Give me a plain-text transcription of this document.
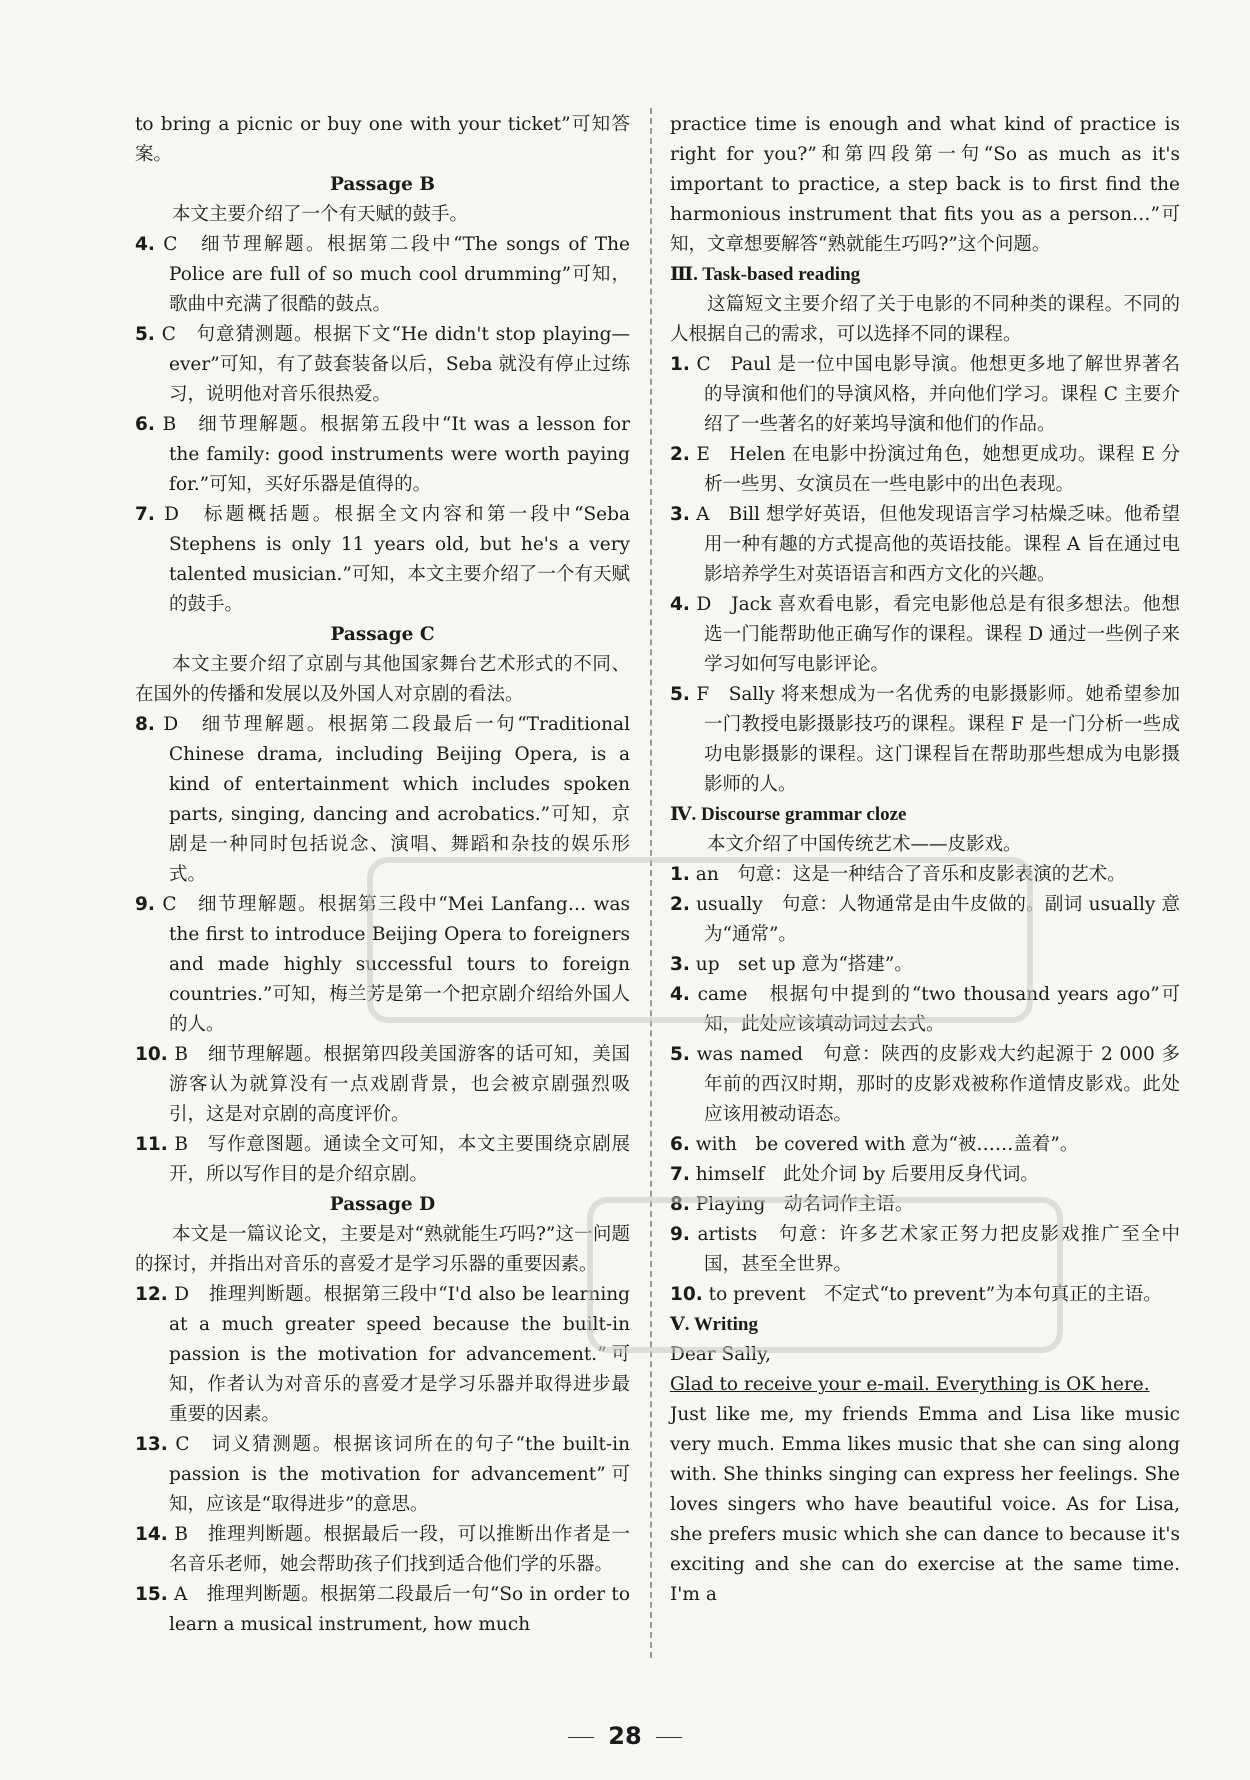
to bring a picnic or buy one with your ticket”可知答案。

Passage B

本文主要介绍了一个有天赋的鼓手。

4. C　细节理解题。根据第二段中“The songs of The Police are full of so much cool drumming”可知，歌曲中充满了很酷的鼓点。

5. C　句意猜测题。根据下文“He didn't stop playing—ever”可知，有了鼓套装备以后，Seba 就没有停止过练习，说明他对音乐很热爱。

6. B　细节理解题。根据第五段中“It was a lesson for the family: good instruments were worth paying for.”可知，买好乐器是值得的。

7. D　标题概括题。根据全文内容和第一段中“Seba Stephens is only 11 years old, but he's a very talented musician.”可知，本文主要介绍了一个有天赋的鼓手。

Passage C

本文主要介绍了京剧与其他国家舞台艺术形式的不同、在国外的传播和发展以及外国人对京剧的看法。

8. D　细节理解题。根据第二段最后一句“Traditional Chinese drama, including Beijing Opera, is a kind of entertainment which includes spoken parts, singing, dancing and acrobatics.”可知，京剧是一种同时包括说念、演唱、舞蹈和杂技的娱乐形式。

9. C　细节理解题。根据第三段中“Mei Lanfang… was the first to introduce Beijing Opera to foreigners and made highly successful tours to foreign countries.”可知，梅兰芳是第一个把京剧介绍给外国人的人。

10. B　细节理解题。根据第四段美国游客的话可知，美国游客认为就算没有一点戏剧背景，也会被京剧强烈吸引，这是对京剧的高度评价。

11. B　写作意图题。通读全文可知，本文主要围绕京剧展开，所以写作目的是介绍京剧。

Passage D

本文是一篇议论文，主要是对“熟就能生巧吗?”这一问题的探讨，并指出对音乐的喜爱才是学习乐器的重要因素。

12. D　推理判断题。根据第三段中“I'd also be learning at a much greater speed because the built-in passion is the motivation for advancement.”可知，作者认为对音乐的喜爱才是学习乐器并取得进步最重要的因素。

13. C　词义猜测题。根据该词所在的句子“the built-in passion is the motivation for advancement”可知，应该是“取得进步”的意思。

14. B　推理判断题。根据最后一段，可以推断出作者是一名音乐老师，她会帮助孩子们找到适合他们学的乐器。

15. A　推理判断题。根据第二段最后一句“So in order to learn a musical instrument, how much

practice time is enough and what kind of practice is right for you?”和第四段第一句“So as much as it's important to practice, a step back is to first find the harmonious instrument that fits you as a person…”可知，文章想要解答“熟就能生巧吗?”这个问题。

Ⅲ. Task-based reading

这篇短文主要介绍了关于电影的不同种类的课程。不同的人根据自己的需求，可以选择不同的课程。

1. C　Paul 是一位中国电影导演。他想更多地了解世界著名的导演和他们的导演风格，并向他们学习。课程 C 主要介绍了一些著名的好莱坞导演和他们的作品。

2. E　Helen 在电影中扮演过角色，她想更成功。课程 E 分析一些男、女演员在一些电影中的出色表现。

3. A　Bill 想学好英语，但他发现语言学习枯燥乏味。他希望用一种有趣的方式提高他的英语技能。课程 A 旨在通过电影培养学生对英语语言和西方文化的兴趣。

4. D　Jack 喜欢看电影，看完电影他总是有很多想法。他想选一门能帮助他正确写作的课程。课程 D 通过一些例子来学习如何写电影评论。

5. F　Sally 将来想成为一名优秀的电影摄影师。她希望参加一门教授电影摄影技巧的课程。课程 F 是一门分析一些成功电影摄影的课程。这门课程旨在帮助那些想成为电影摄影师的人。

Ⅳ. Discourse grammar cloze

本文介绍了中国传统艺术——皮影戏。

1. an　句意：这是一种结合了音乐和皮影表演的艺术。

2. usually　句意：人物通常是由牛皮做的。副词 usually 意为“通常”。

3. up　set up 意为“搭建”。

4. came　根据句中提到的“two thousand years ago”可知，此处应该填动词过去式。

5. was named　句意：陕西的皮影戏大约起源于 2 000 多年前的西汉时期，那时的皮影戏被称作道情皮影戏。此处应该用被动语态。

6. with　be covered with 意为“被……盖着”。

7. himself　此处介词 by 后要用反身代词。

8. Playing　动名词作主语。

9. artists　句意：许多艺术家正努力把皮影戏推广至全中国，甚至全世界。

10. to prevent　不定式“to prevent”为本句真正的主语。

Ⅴ. Writing

Dear Sally,

Glad to receive your e-mail. Everything is OK here.

Just like me, my friends Emma and Lisa like music very much. Emma likes music that she can sing along with. She thinks singing can express her feelings. She loves singers who have beautiful voice. As for Lisa, she prefers music which she can dance to because it's exciting and she can do exercise at the same time. I'm a

28
